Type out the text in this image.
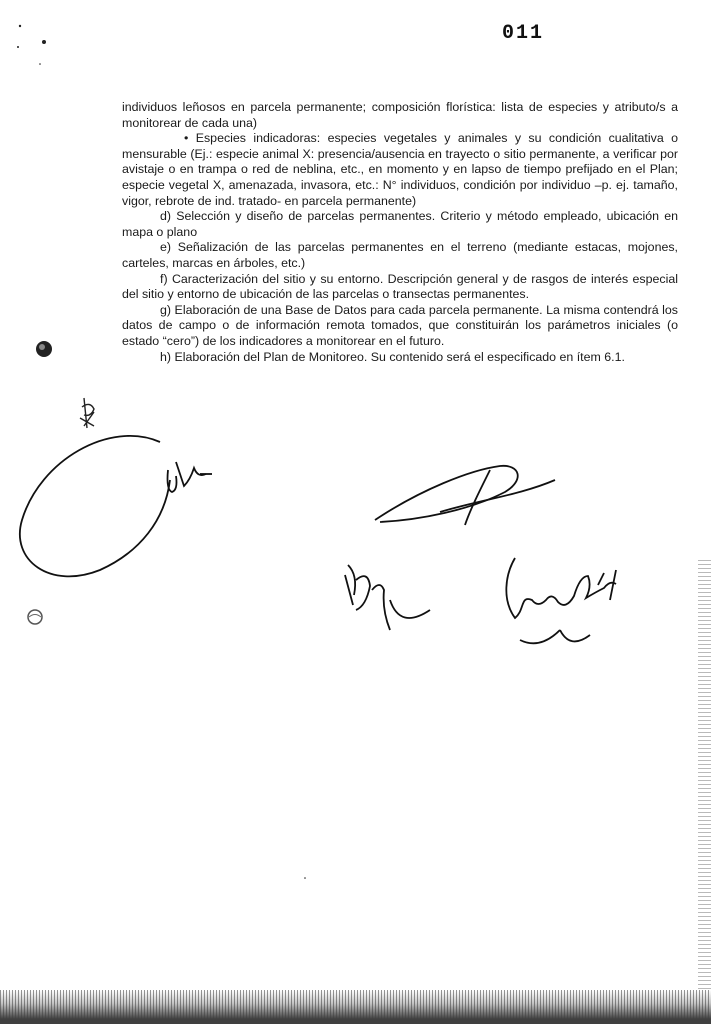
011

individuos leñosos en parcela permanente; composición florística: lista de especies y atributo/s a monitorear de cada una)

• Especies indicadoras: especies vegetales y animales y su condición cualitativa o mensurable (Ej.: especie animal X: presencia/ausencia en trayecto o sitio permanente, a verificar por avistaje o en trampa o red de neblina, etc., en momento y en lapso de tiempo prefijado en el Plan; especie vegetal X, amenazada, invasora, etc.: N° individuos, condición por individuo –p. ej. tamaño, vigor, rebrote de ind. tratado- en parcela permanente)

d) Selección y diseño de parcelas permanentes. Criterio y método empleado, ubicación en mapa o plano

e) Señalización de las parcelas permanentes en el terreno (mediante estacas, mojones, carteles, marcas en árboles, etc.)

f) Caracterización del sitio y su entorno. Descripción general y de rasgos de interés especial del sitio y entorno de ubicación de las parcelas o transectas permanentes.

g) Elaboración de una Base de Datos para cada parcela permanente. La misma contendrá los datos de campo o de información remota tomados, que constituirán los parámetros iniciales (o estado “cero”) de los indicadores a monitorear en el futuro.

h) Elaboración del Plan de Monitoreo. Su contenido será el especificado en ítem 6.1.
